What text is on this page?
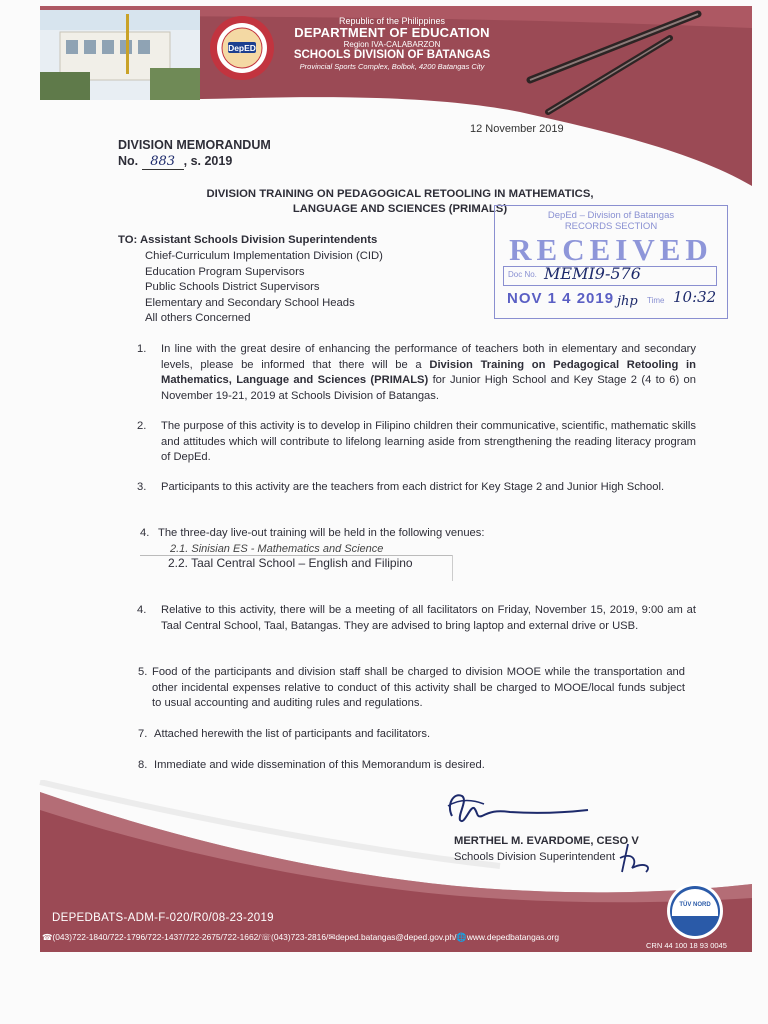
DepED
Republic of the Philippines
DEPARTMENT OF EDUCATION
Region IVA-CALABARZON
SCHOOLS DIVISION OF BATANGAS
Provincial Sports Complex, Bolbok, 4200 Batangas City
12 November 2019
DIVISION MEMORANDUM
No. 883 , s. 2019
DIVISION TRAINING ON PEDAGOGICAL RETOOLING IN MATHEMATICS,
LANGUAGE AND SCIENCES (PRIMALS)
TO: Assistant Schools Division Superintendents
Chief-Curriculum Implementation Division (CID)
Education Program Supervisors
Public Schools District Supervisors
Elementary and Secondary School Heads
All others Concerned
DepEd – Division of Batangas
RECORDS SECTION
RECEIVED
Doc No. MEMI9-576
NOV 1 4 2019 jhp Time 10:32
1. In line with the great desire of enhancing the performance of teachers both in elementary and secondary levels, please be informed that there will be a Division Training on Pedagogical Retooling in Mathematics, Language and Sciences (PRIMALS) for Junior High School and Key Stage 2 (4 to 6) on November 19-21, 2019 at Schools Division of Batangas.
2. The purpose of this activity is to develop in Filipino children their communicative, scientific, mathematic skills and attitudes which will contribute to lifelong learning aside from strengthening the reading literacy program of DepEd.
3. Participants to this activity are the teachers from each district for Key Stage 2 and Junior High School.
4. The three-day live-out training will be held in the following venues:
2.1. Sinisian ES - Mathematics and Science
2.2. Taal Central School – English and Filipino
4. Relative to this activity, there will be a meeting of all facilitators on Friday, November 15, 2019, 9:00 am at Taal Central School, Taal, Batangas. They are advised to bring laptop and external drive or USB.
5. Food of the participants and division staff shall be charged to division MOOE while the transportation and other incidental expenses relative to conduct of this activity shall be charged to MOOE/local funds subject to usual accounting and auditing rules and regulations.
7. Attached herewith the list of participants and facilitators.
8. Immediate and wide dissemination of this Memorandum is desired.
MERTHEL M. EVARDOME, CESO V
Schools Division Superintendent
DEPEDBATS-ADM-F-020/R0/08-23-2019
☎(043)722-1840/722-1796/722-1437/722-2675/722-1662/☏(043)723-2816/✉deped.batangas@deped.gov.ph/🌐www.depedbatangas.org
CRN 44 100 18 93 0045
TÜV NORD
